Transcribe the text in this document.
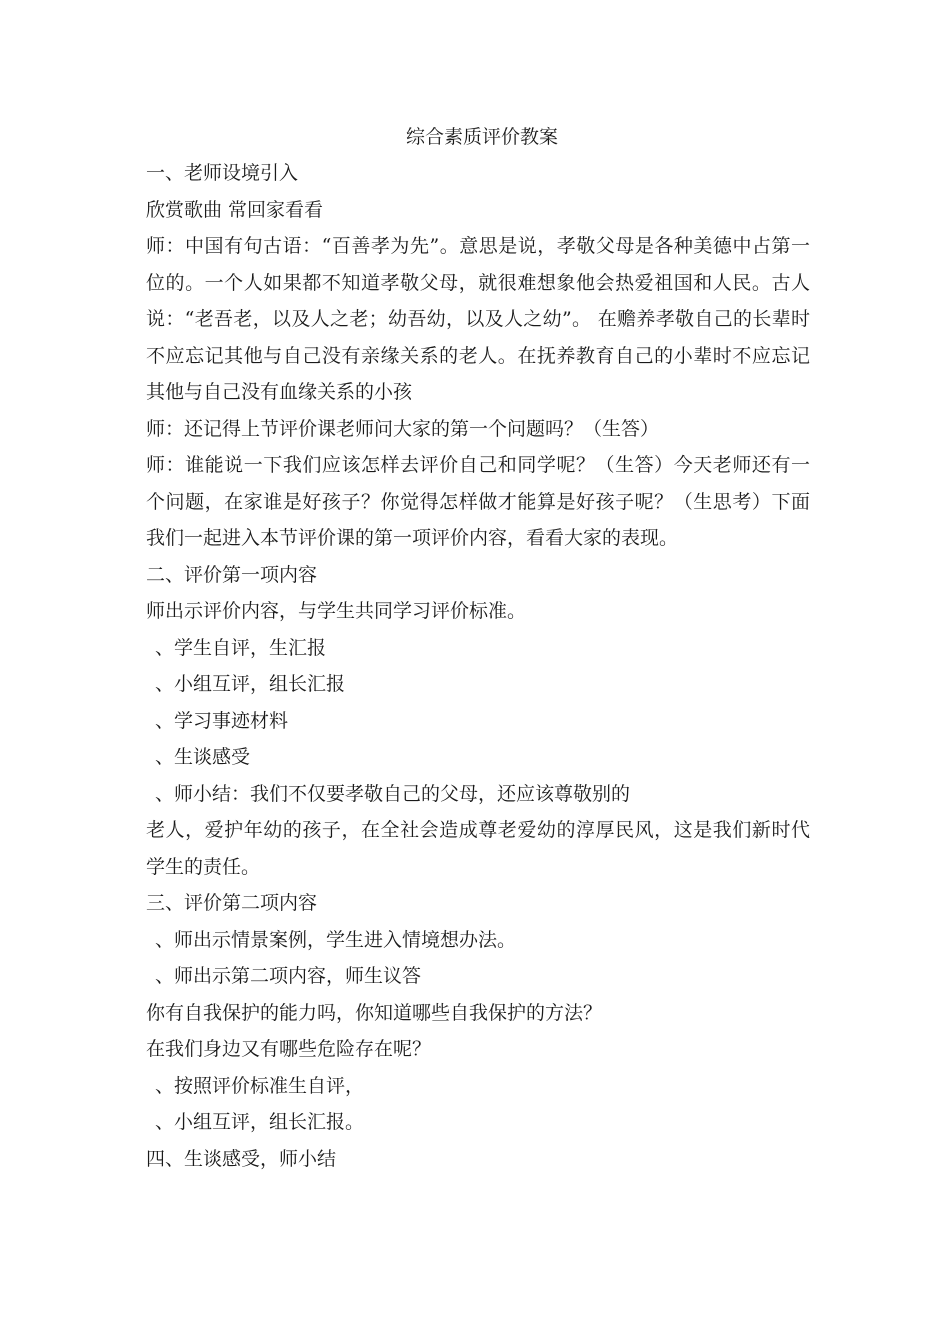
综合素质评价教案
一、老师设境引入
欣赏歌曲 常回家看看
师：中国有句古语：“百善孝为先”。意思是说，孝敬父母是各种美德中占第一位的。一个人如果都不知道孝敬父母，就很难想象他会热爱祖国和人民。古人说：“老吾老，以及人之老；幼吾幼，以及人之幼”。 在赡养孝敬自己的长辈时不应忘记其他与自己没有亲缘关系的老人。在抚养教育自己的小辈时不应忘记其他与自己没有血缘关系的小孩
师：还记得上节评价课老师问大家的第一个问题吗？（生答）
师：谁能说一下我们应该怎样去评价自己和同学呢？（生答）今天老师还有一个问题，在家谁是好孩子？你觉得怎样做才能算是好孩子呢？（生思考）下面我们一起进入本节评价课的第一项评价内容，看看大家的表现。
二、评价第一项内容
师出示评价内容，与学生共同学习评价标准。
、学生自评，生汇报
、小组互评，组长汇报
、学习事迹材料
、生谈感受
、师小结：我们不仅要孝敬自己的父母，还应该尊敬别的
老人，爱护年幼的孩子，在全社会造成尊老爱幼的淳厚民风，这是我们新时代学生的责任。
三、评价第二项内容
、师出示情景案例，学生进入情境想办法。
、师出示第二项内容，师生议答
你有自我保护的能力吗，你知道哪些自我保护的方法？
在我们身边又有哪些危险存在呢？
、按照评价标准生自评，
、小组互评，组长汇报。
四、生谈感受，师小结
